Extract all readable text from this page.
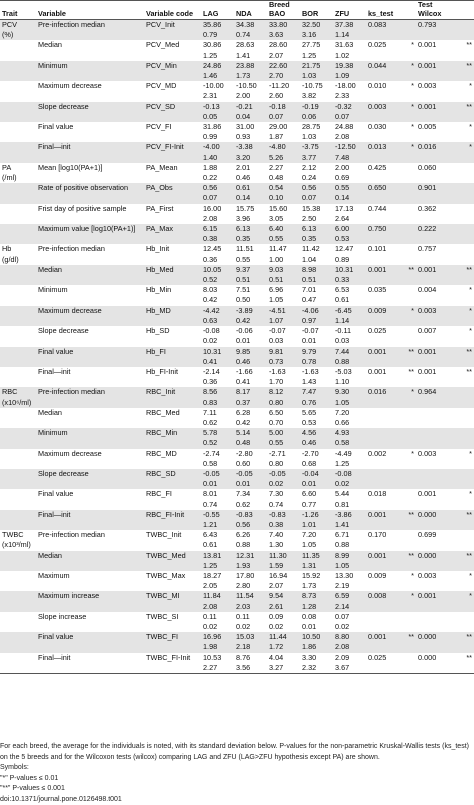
					Breed					Test	
Trait	Variable	Variable code	LAG	NDA	BAO	BOR	ZFU	ks_test		Wilcox	
PCV	Pre-infection median	PCV_Init	35.86	34.38	33.80	32.50	37.38	0.083		0.793	
(%)			0.79	0.74	3.63	3.16	1.14				
	Median	PCV_Med	30.86	28.63	28.60	27.75	31.63	0.025	*	0.001	**
			1.25	1.41	2.07	1.25	1.02				
	Minimum	PCV_Min	24.86	23.88	22.60	21.75	19.38	0.044	*	0.001	**
			1.46	1.73	2.70	1.03	1.09				
	Maximum decrease	PCV_MD	-10.00	-10.50	-11.20	-10.75	-18.00	0.010	*	0.003	*
			2.31	2.00	2.60	3.82	2.33				
	Slope decrease	PCV_SD	-0.13	-0.21	-0.18	-0.19	-0.32	0.003	*	0.001	**
			0.05	0.04	0.07	0.06	0.07				
	Final value	PCV_FI	31.86	31.00	29.00	28.75	24.88	0.030	*	0.005	*
			0.99	0.93	1.87	1.03	2.08				
	Final—init	PCV_FI-Init	-4.00	-3.38	-4.80	-3.75	-12.50	0.013	*	0.016	*
			1.40	3.20	5.26	3.77	7.48				
PA	Mean [log10(PA+1)]	PA_Mean	1.88	2.01	2.27	2.12	2.00	0.425		0.060	
(/ml)			0.22	0.46	0.48	0.24	0.69				
	Rate of positive observation	PA_Obs	0.56	0.61	0.54	0.56	0.55	0.650		0.901	
			0.07	0.14	0.10	0.07	0.14				
	Frist day of positive sample	PA_First	16.00	15.75	15.60	15.38	17.13	0.744		0.362	
			2.08	3.96	3.05	2.50	2.64				
	Maximum value [log10(PA+1)]	PA_Max	6.15	6.13	6.40	6.13	6.00	0.750		0.222	
			0.38	0.35	0.55	0.35	0.53				
Hb	Pre-infection median	Hb_Init	12.45	11.51	11.47	11.42	12.47	0.101		0.757	
(g/dl)			0.36	0.55	1.00	1.04	0.89				
	Median	Hb_Med	10.05	9.37	9.03	8.98	10.31	0.001	**	0.001	**
			0.52	0.51	0.51	0.51	0.33				
	Minimum	Hb_Min	8.03	7.51	6.96	7.01	6.53	0.035		0.004	*
			0.42	0.50	1.05	0.47	0.61				
	Maximum decrease	Hb_MD	-4.42	-3.89	-4.51	-4.06	-6.45	0.009	*	0.003	*
			0.63	0.42	1.07	0.97	1.14				
	Slope decrease	Hb_SD	-0.08	-0.06	-0.07	-0.07	-0.11	0.025		0.007	*
			0.02	0.01	0.03	0.01	0.03				
	Final value	Hb_FI	10.31	9.85	9.81	9.79	7.44	0.001	**	0.001	**
			0.41	0.46	0.73	0.78	0.88				
	Final—init	Hb_FI-Init	-2.14	-1.66	-1.63	-1.63	-5.03	0.001	**	0.001	**
			0.36	0.41	1.70	1.43	1.10				
RBC	Pre-infection median	RBC_Init	8.56	8.17	8.12	7.47	9.30	0.016	*	0.964	
(x10⁶/ml)			0.83	0.37	0.80	0.76	1.05				
	Median	RBC_Med	7.11	6.28	6.50	5.65	7.20				
			0.62	0.42	0.70	0.53	0.66				
	Minimum	RBC_Min	5.78	5.14	5.00	4.56	4.93				
			0.52	0.48	0.55	0.46	0.58				
	Maximum decrease	RBC_MD	-2.74	-2.80	-2.71	-2.70	-4.49	0.002	*	0.003	*
			0.58	0.60	0.80	0.68	1.25				
	Slope decrease	RBC_SD	-0.05	-0.05	-0.05	-0.04	-0.08				
			0.01	0.01	0.02	0.01	0.02				
	Final value	RBC_FI	8.01	7.34	7.30	6.60	5.44	0.018		0.001	*
			0.74	0.62	0.74	0.77	0.81				
	Final—init	RBC_FI-Init	-0.55	-0.83	-0.83	-1.26	-3.86	0.001	**	0.000	**
			1.21	0.56	0.38	1.01	1.41				
TWBC	Pre-infection median	TWBC_Init	6.43	6.26	7.40	7.20	6.71	0.170		0.699	
(x10³/ml)			0.61	0.88	1.30	1.05	0.88				
	Median	TWBC_Med	13.81	12.31	11.30	11.35	8.99	0.001	**	0.000	**
			1.25	1.93	1.59	1.31	1.05				
	Maximum	TWBC_Max	18.27	17.80	16.94	15.92	13.30	0.009	*	0.003	*
			2.05	2.80	2.07	1.73	2.19				
	Maximum increase	TWBC_MI	11.84	11.54	9.54	8.73	6.59	0.008	*	0.001	*
			2.08	2.03	2.61	1.28	2.14				
	Slope increase	TWBC_SI	0.11	0.11	0.09	0.08	0.07				
			0.02	0.02	0.02	0.01	0.02				
	Final value	TWBC_FI	16.96	15.03	11.44	10.50	8.80	0.001	**	0.000	**
			1.98	2.18	1.72	1.86	2.08				
	Final—init	TWBC_FI-Init	10.53	8.76	4.04	3.30	2.09	0.025		0.000	**
			2.27	3.56	3.27	2.32	3.67				
For each breed, the average for the individuals is noted, with its standard deviation below. P-values for the non-parametric Kruskal-Wallis tests (ks_test)
on the 5 breeds and for the Wilcoxon tests (wilcox) comparing LAG and ZFU (LAG>ZFU hypothesis except PA) are shown.
Symbols:
"*" P-values ≤ 0.01
"**" P-values ≤ 0.001
doi:10.1371/journal.pone.0126498.t001
